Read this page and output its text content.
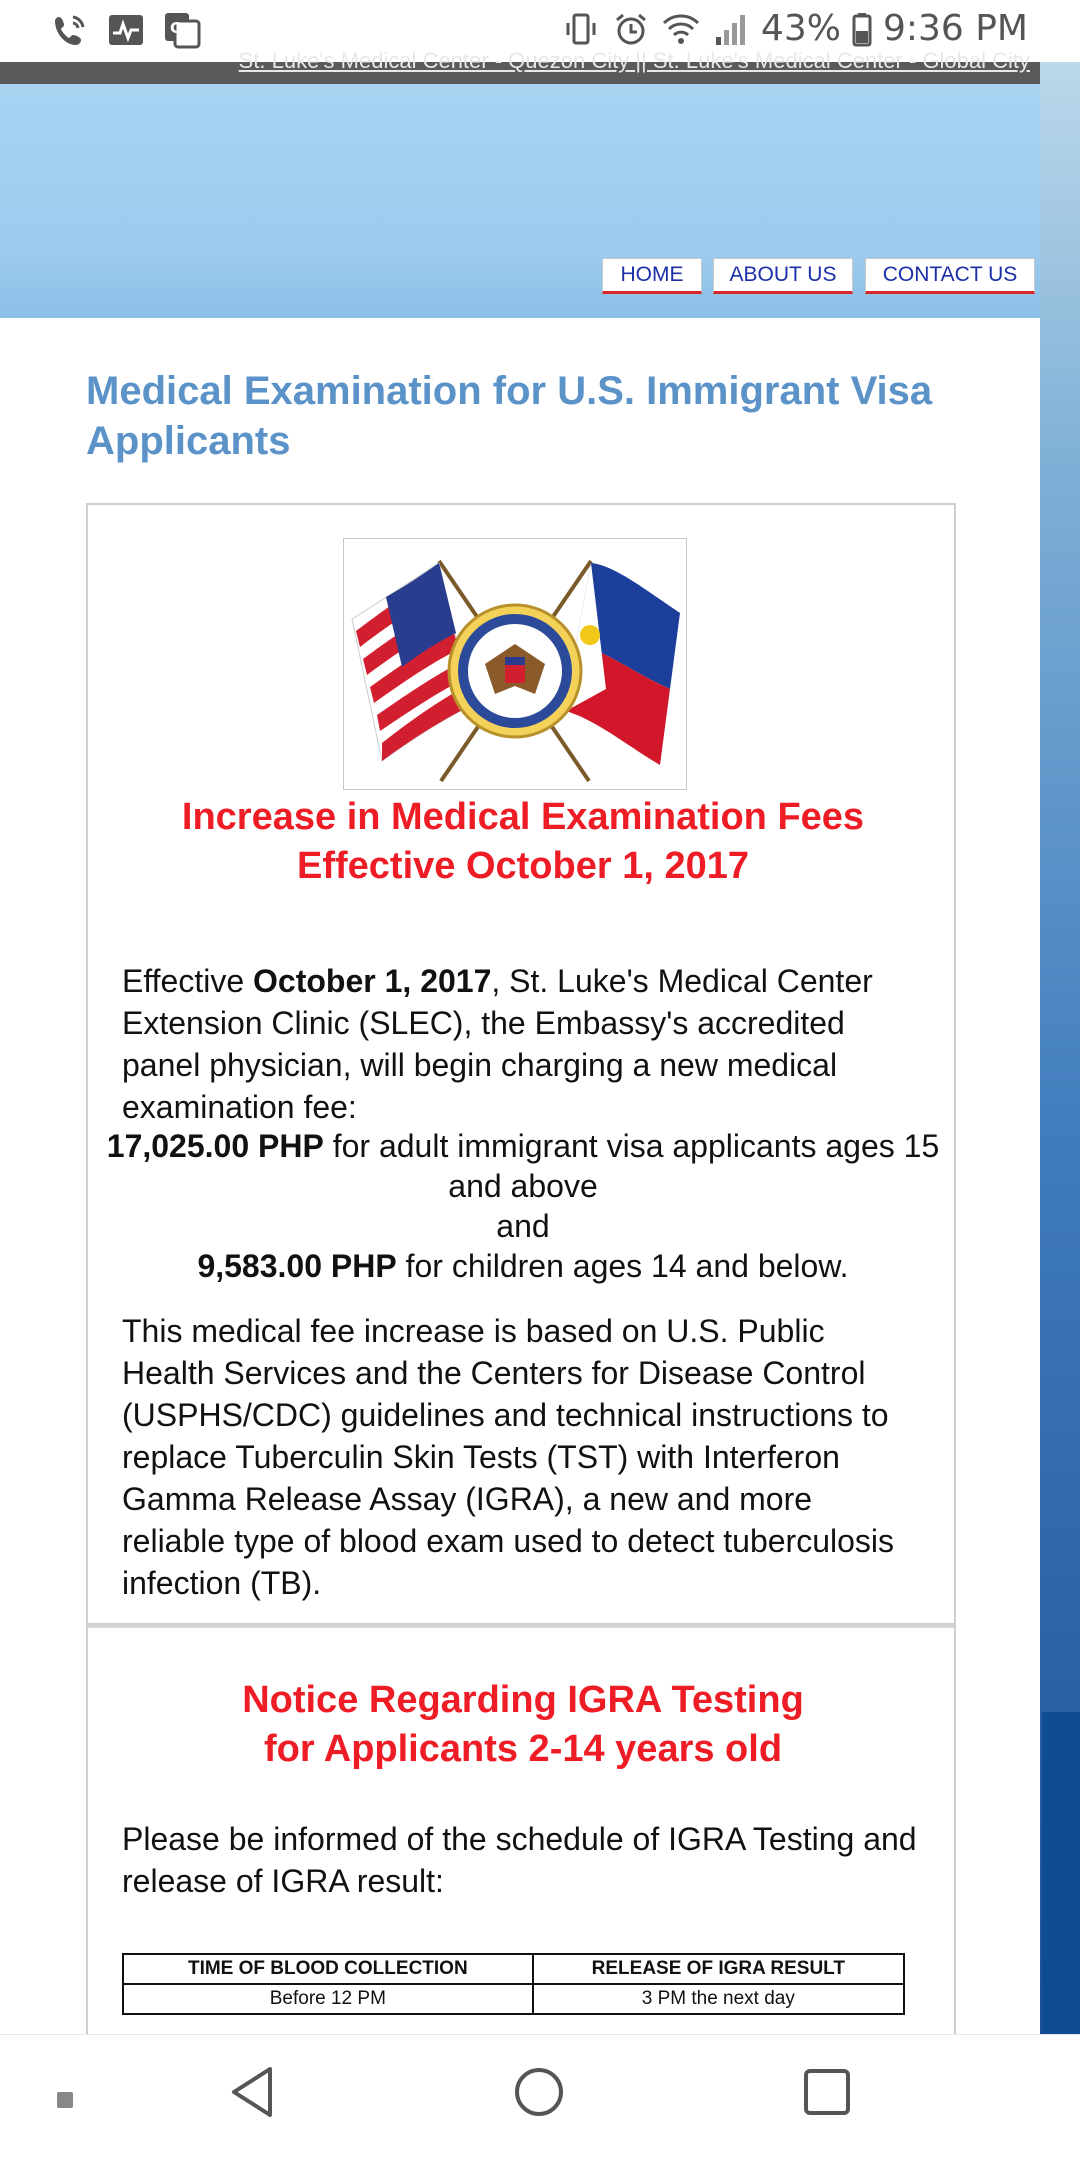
G	43% 9:36 PM
St. Luke's Medical Center - Quezon City || St. Luke's Medical Center - Global City
HOME	ABOUT US	CONTACT US
Medical Examination for U.S. Immigrant Visa Applicants
Increase in Medical Examination Fees
Effective October 1, 2017

Effective October 1, 2017, St. Luke's Medical Center Extension Clinic (SLEC), the Embassy's accredited panel physician, will begin charging a new medical examination fee:

17,025.00 PHP for adult immigrant visa applicants ages 15 and above
and
9,583.00 PHP for children ages 14 and below.

This medical fee increase is based on U.S. Public Health Services and the Centers for Disease Control (USPHS/CDC) guidelines and technical instructions to replace Tuberculin Skin Tests (TST) with Interferon Gamma Release Assay (IGRA), a new and more reliable type of blood exam used to detect tuberculosis infection (TB).

Notice Regarding IGRA Testing
for Applicants 2-14 years old

Please be informed of the schedule of IGRA Testing and release of IGRA result:

TIME OF BLOOD COLLECTION	RELEASE OF IGRA RESULT
Before 12 PM	3 PM the next day
